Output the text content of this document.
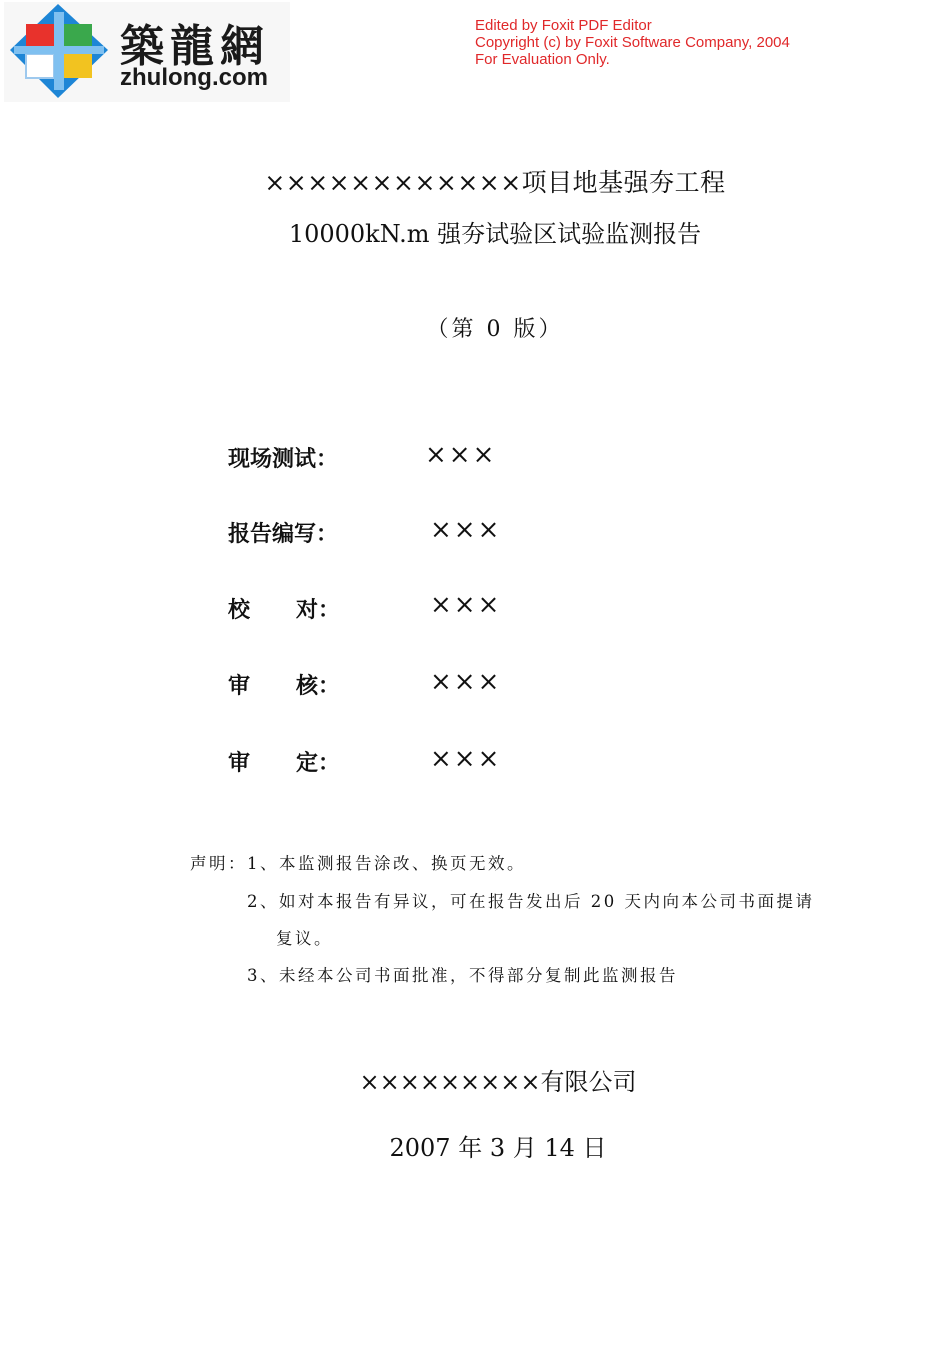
築龍網
zhulong.com
Edited by Foxit PDF Editor
Copyright (c) by Foxit Software Company, 2004
For Evaluation Only.
××××××××××××项目地基强夯工程
10000kN.m 强夯试验区试验监测报告
（第 0 版）
现场测试：	×××
报告编写：	×××
校      对：	×××
审      核：	×××
审      定：	×××
声明：1、本监测报告涂改、换页无效。
2、如对本报告有异议，可在报告发出后 20 天内向本公司书面提请
复议。
3、未经本公司书面批准，不得部分复制此监测报告
×××××××××有限公司
2007 年 3 月 14 日
